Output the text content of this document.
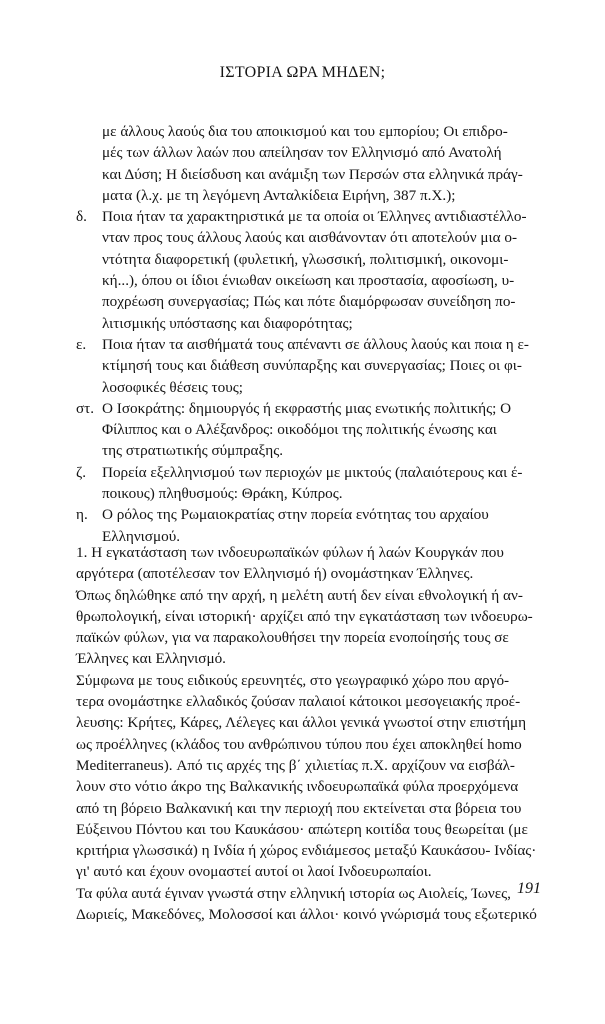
ΙΣΤΟΡΙΑ ΩΡΑ ΜΗΔΕΝ;
με άλλους λαούς δια του αποικισμού και του εμπορίου; Οι επιδρο-
μές των άλλων λαών που απείλησαν τον Ελληνισμό από Ανατολή
και Δύση; Η διείσδυση και ανάμιξη των Περσών στα ελληνικά πράγ-
ματα (λ.χ. με τη λεγόμενη Ανταλκίδεια Ειρήνη, 387 π.Χ.);
δ. Ποια ήταν τα χαρακτηριστικά με τα οποία οι Έλληνες αντιδιαστέλλο-
νταν προς τους άλλους λαούς και αισθάνονταν ότι αποτελούν μια ο-
ντότητα διαφορετική (φυλετική, γλωσσική, πολιτισμική, οικονομι-
κή...), όπου οι ίδιοι ένιωθαν οικείωση και προστασία, αφοσίωση, υ-
ποχρέωση συνεργασίας; Πώς και πότε διαμόρφωσαν συνείδηση πο-
λιτισμικής υπόστασης και διαφορότητας;
ε. Ποια ήταν τα αισθήματά τους απέναντι σε άλλους λαούς και ποια η ε-
κτίμησή τους και διάθεση συνύπαρξης και συνεργασίας; Ποιες οι φι-
λοσοφικές θέσεις τους;
στ. Ο Ισοκράτης: δημιουργός ή εκφραστής μιας ενωτικής πολιτικής; Ο
Φίλιππος και ο Αλέξανδρος: οικοδόμοι της πολιτικής ένωσης και
της στρατιωτικής σύμπραξης.
ζ. Πορεία εξελληνισμού των περιοχών με μικτούς (παλαιότερους και έ-
ποικους) πληθυσμούς: Θράκη, Κύπρος.
η. Ο ρόλος της Ρωμαιοκρατίας στην πορεία ενότητας του αρχαίου
Ελληνισμού.

1. Η εγκατάσταση των ινδοευρωπαϊκών φύλων ή λαών Κουργκάν που
αργότερα (αποτέλεσαν τον Ελληνισμό ή) ονομάστηκαν Έλληνες.

Όπως δηλώθηκε από την αρχή, η μελέτη αυτή δεν είναι εθνολογική ή αν-
θρωπολογική, είναι ιστορική· αρχίζει από την εγκατάσταση των ινδοευρω-
παϊκών φύλων, για να παρακολουθήσει την πορεία ενοποίησής τους σε
Έλληνες και Ελληνισμό.

Σύμφωνα με τους ειδικούς ερευνητές, στο γεωγραφικό χώρο που αργό-
τερα ονομάστηκε ελλαδικός ζούσαν παλαιοί κάτοικοι μεσογειακής προέ-
λευσης: Κρήτες, Κάρες, Λέλεγες και άλλοι γενικά γνωστοί στην επιστήμη
ως προέλληνες (κλάδος του ανθρώπινου τύπου που έχει αποκληθεί homo
Mediterraneus). Από τις αρχές της β΄ χιλιετίας π.Χ. αρχίζουν να εισβάλ-
λουν στο νότιο άκρο της Βαλκανικής ινδοευρωπαϊκά φύλα προερχόμενα
από τη βόρειο Βαλκανική και την περιοχή που εκτείνεται στα βόρεια του
Εύξεινου Πόντου και του Καυκάσου· απώτερη κοιτίδα τους θεωρείται (με
κριτήρια γλωσσικά) η Ινδία ή χώρος ενδιάμεσος μεταξύ Καυκάσου- Ινδίας·
γι' αυτό και έχουν ονομαστεί αυτοί οι λαοί Ινδοευρωπαίοι.

Τα φύλα αυτά έγιναν γνωστά στην ελληνική ιστορία ως Αιολείς, Ίωνες,
Δωριείς, Μακεδόνες, Μολοσσοί και άλλοι· κοινό γνώρισμά τους εξωτερικό

191
